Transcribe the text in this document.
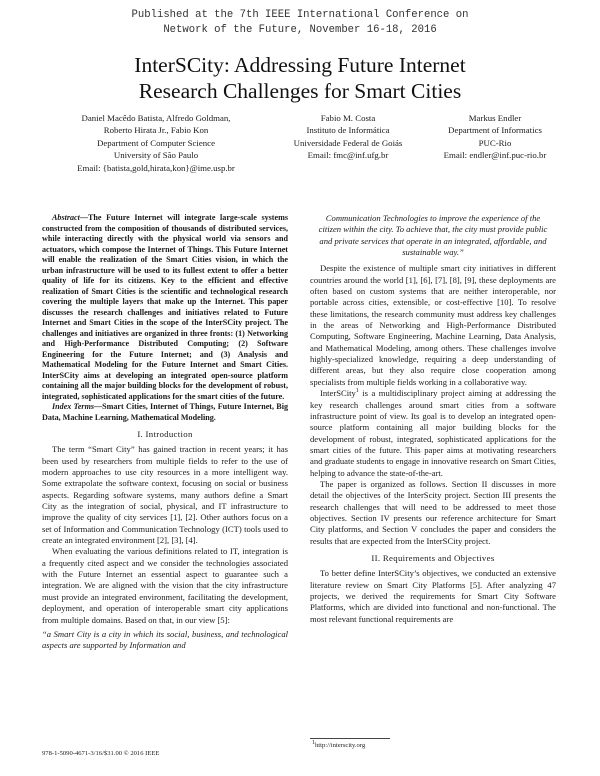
Published at the 7th IEEE International Conference on
Network of the Future, November 16-18, 2016
InterSCity: Addressing Future Internet
Research Challenges for Smart Cities
Daniel Macêdo Batista, Alfredo Goldman,
Roberto Hirata Jr., Fabio Kon
Department of Computer Science
University of São Paulo
Email: {batista,gold,hirata,kon}@ime.usp.br
Fabio M. Costa
Instituto de Informática
Universidade Federal de Goiás
Email: fmc@inf.ufg.br
Markus Endler
Department of Informatics
PUC-Rio
Email: endler@inf.puc-rio.br

Abstract—The Future Internet will integrate large-scale systems constructed from the composition of thousands of distributed services, while interacting directly with the physical world via sensors and actuators, which compose the Internet of Things. This Future Internet will enable the realization of the Smart Cities vision, in which the urban infrastructure will be used to its fullest extent to offer a better quality of life for its citizens. Key to the efficient and effective realization of Smart Cities is the scientific and technological research covering the multiple layers that make up the Internet. This paper discusses the research challenges and initiatives related to Future Internet and Smart Cities in the scope of the InterSCity project. The challenges and initiatives are organized in three fronts: (1) Networking and High-Performance Distributed Computing; (2) Software Engineering for the Future Internet; and (3) Analysis and Mathematical Modeling for the Future Internet and Smart Cities. InterSCity aims at developing an integrated open-source platform containing all the major building blocks for the development of robust, integrated, sophisticated applications for the smart cities of the future.

Index Terms—Smart Cities, Internet of Things, Future Internet, Big Data, Machine Learning, Mathematical Modeling.

I. Introduction

The term “Smart City” has gained traction in recent years; it has been used by researchers from multiple fields to refer to the use of modern approaches to use city resources in a more intelligent way. Some extrapolate the software context, focusing on social or business aspects. Regarding software systems, many authors define a Smart City as the integration of social, physical, and IT infrastructure to improve the quality of city services [1], [2]. Other authors focus on a set of Information and Communication Technology (ICT) tools used to create an integrated environment [2], [3], [4].

When evaluating the various definitions related to IT, integration is a frequently cited aspect and we consider the technologies associated with the Future Internet an essential aspect to guarantee such a integration. We are aligned with the vision that the city infrastructure must provide an integrated environment, facilitating the development, deployment, and operation of interoperable smart city applications from multiple domains. Based on that, in our view [5]:

“a Smart City is a city in which its social, business, and technological aspects are supported by Information and

Communication Technologies to improve the experience of the citizen within the city. To achieve that, the city must provide public and private services that operate in an integrated, affordable, and sustainable way.”

Despite the existence of multiple smart city initiatives in different countries around the world [1], [6], [7], [8], [9], these deployments are often based on custom systems that are neither interoperable, nor portable across cities, extensible, or cost-effective [10]. To resolve these limitations, the research community must address key challenges in the areas of Networking and High-Performance Distributed Computing, Software Engineering, Machine Learning, Data Analysis, and Mathematical Modeling, among others. These challenges involve highly-specialized knowledge, requiring a deep understanding of different areas, but they also require close cooperation among specialists from multiple fields working in a collaborative way.

InterSCity$^1$ is a multidisciplinary project aiming at addressing the key research challenges around smart cities from a software infrastructure point of view. Its goal is to develop an integrated open-source platform containing all major building blocks for the development of robust, integrated, sophisticated applications for the smart cities of the future. This paper aims at motivating researchers and graduate students to engage in innovative research on Smart Cities, helping to advance the state-of-the-art.

The paper is organized as follows. Section II discusses in more detail the objectives of the InterScity project. Section III presents the research challenges that will need to be addressed to meet those objectives. Section IV presents our reference architecture for Smart City platforms, and Section V concludes the paper and considers the results that are expected from the InterSCity project.

II. Requirements and Objectives

To better define InterSCity’s objectives, we conducted an extensive literature review on Smart City Platforms [5]. After analyzing 47 projects, we derived the requirements for Smart City Software Platforms, which are divided into functional and non-functional. The most relevant functional requirements are

978-1-5090-4671-3/16/$31.00 © 2016 IEEE
$^1$http://interscity.org
